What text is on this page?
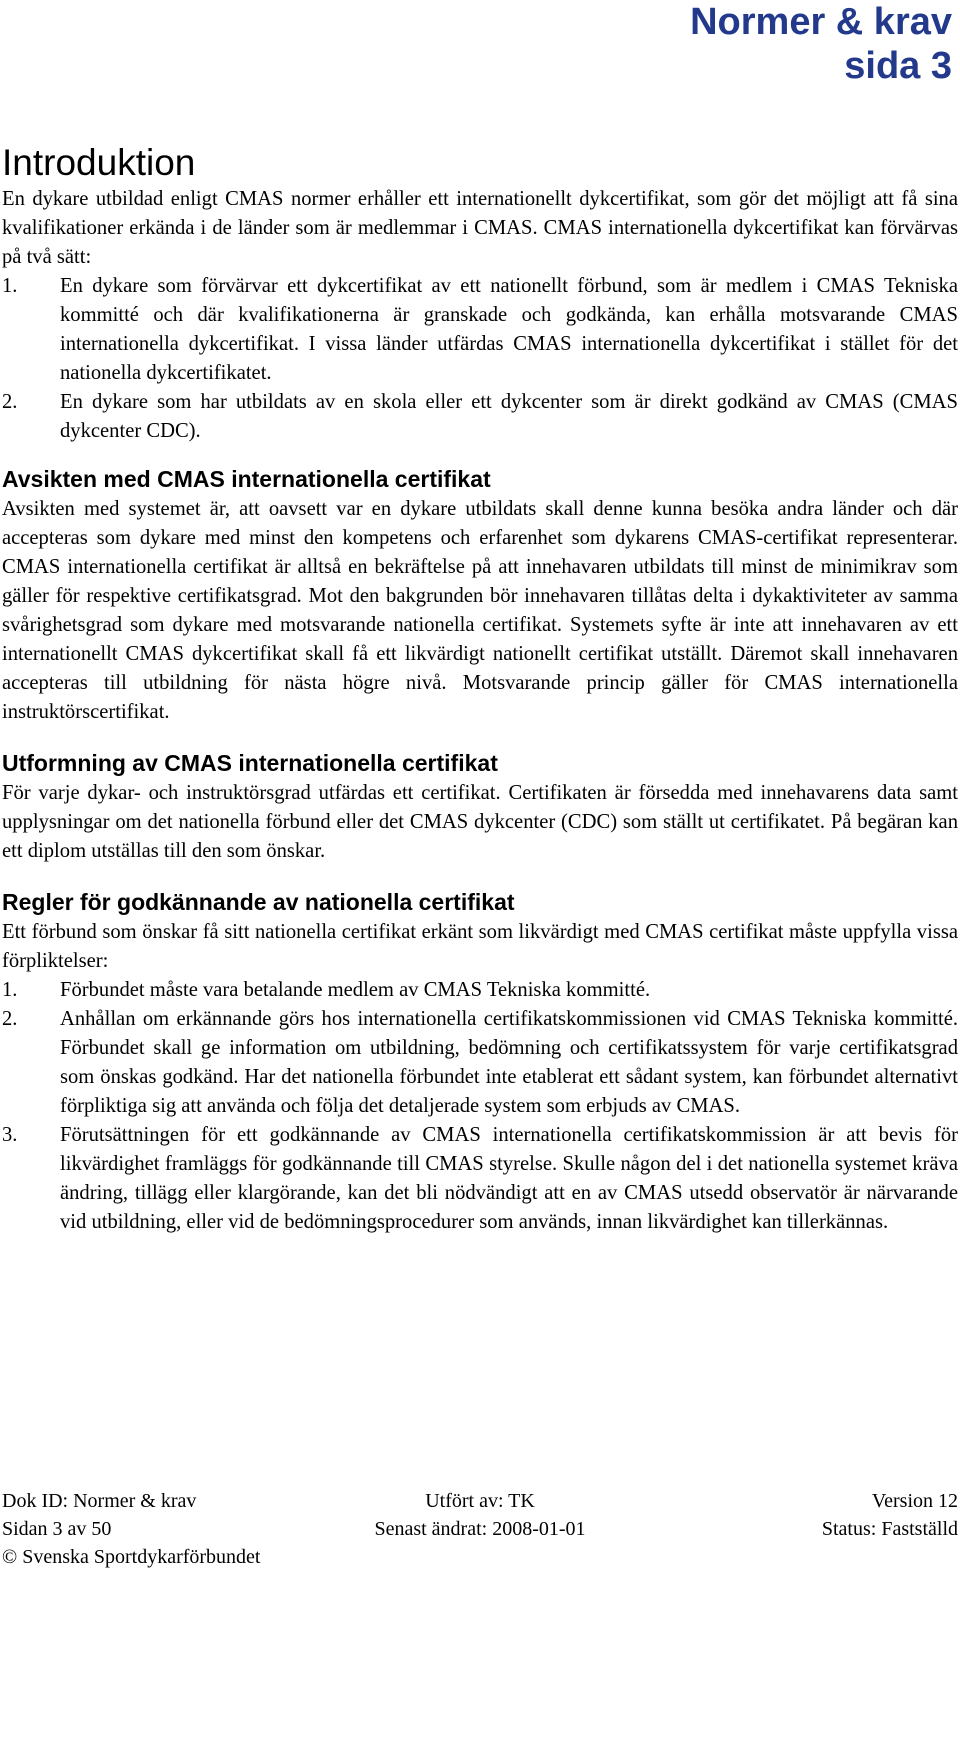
Normer & krav
sida 3
Introduktion

En dykare utbildad enligt CMAS normer erhåller ett internationellt dykcertifikat, som gör det möjligt att få sina kvalifikationer erkända i de länder som är medlemmar i CMAS. CMAS internationella dykcertifikat kan förvärvas på två sätt:

1.	En dykare som förvärvar ett dykcertifikat av ett nationellt förbund, som är medlem i CMAS Tekniska kommitté och där kvalifikationerna är granskade och godkända, kan erhålla motsvarande CMAS internationella dykcertifikat. I vissa länder utfärdas CMAS internationella dykcertifikat i stället för det nationella dykcertifikatet.
2.	En dykare som har utbildats av en skola eller ett dykcenter som är direkt godkänd av CMAS (CMAS dykcenter CDC).
Avsikten med CMAS internationella certifikat

Avsikten med systemet är, att oavsett var en dykare utbildats skall denne kunna besöka andra länder och där accepteras som dykare med minst den kompetens och erfarenhet som dykarens CMAS-certifikat representerar. CMAS internationella certifikat är alltså en bekräftelse på att innehavaren utbildats till minst de minimikrav som gäller för respektive certifikatsgrad. Mot den bakgrunden bör innehavaren tillåtas delta i dykaktiviteter av samma svårighetsgrad som dykare med motsvarande nationella certifikat. Systemets syfte är inte att innehavaren av ett internationellt CMAS dykcertifikat skall få ett likvärdigt nationellt certifikat utställt. Däremot skall innehavaren accepteras till utbildning för nästa högre nivå. Motsvarande princip gäller för CMAS internationella instruktörscertifikat.

Utformning av CMAS internationella certifikat

För varje dykar- och instruktörsgrad utfärdas ett certifikat. Certifikaten är försedda med innehavarens data samt upplysningar om det nationella förbund eller det CMAS dykcenter (CDC) som ställt ut certifikatet. På begäran kan ett diplom utställas till den som önskar.

Regler för godkännande av nationella certifikat

Ett förbund som önskar få sitt nationella certifikat erkänt som likvärdigt med CMAS certifikat måste uppfylla vissa förpliktelser:

1.	Förbundet måste vara betalande medlem av CMAS Tekniska kommitté.
2.	Anhållan om erkännande görs hos internationella certifikatskommissionen vid CMAS Tekniska kommitté. Förbundet skall ge information om utbildning, bedömning och certifikatssystem för varje certifikatsgrad som önskas godkänd. Har det nationella förbundet inte etablerat ett sådant system, kan förbundet alternativt förpliktiga sig att använda och följa det detaljerade system som erbjuds av CMAS.
3.	Förutsättningen för ett godkännande av CMAS internationella certifikatskommission är att bevis för likvärdighet framläggs för godkännande till CMAS styrelse. Skulle någon del i det nationella systemet kräva ändring, tillägg eller klargörande, kan det bli nödvändigt att en av CMAS utsedd observatör är närvarande vid utbildning, eller vid de bedömningsprocedurer som används, innan likvärdighet kan tillerkännas.
Dok ID: Normer & krav	Utfört av: TK	Version 12
Sidan 3 av 50	Senast ändrat: 2008-01-01	Status: Fastställd
© Svenska Sportdykarförbundet
